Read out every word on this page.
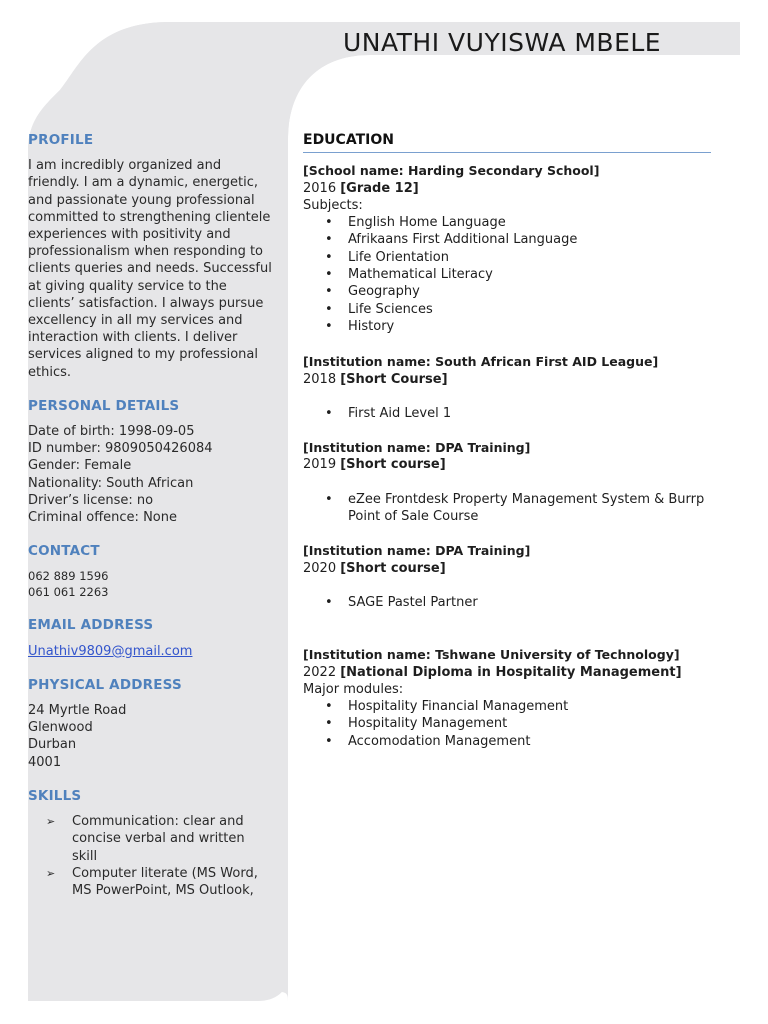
UNATHI VUYISWA MBELE
PROFILE

I am incredibly organized and friendly. I am a dynamic, energetic, and passionate young professional committed to strengthening clientele experiences with positivity and professionalism when responding to clients queries and needs. Successful at giving quality service to the clients’ satisfaction. I always pursue excellency in all my services and interaction with clients. I deliver services aligned to my professional ethics.

PERSONAL DETAILS

Date of birth: 1998-09-05

ID number: 9809050426084

Gender: Female

Nationality: South African

Driver’s license: no

Criminal offence: None

CONTACT

062 889 1596

061 061 2263

EMAIL ADDRESS
Unathiv9809@gmail.com
PHYSICAL ADDRESS

24 Myrtle Road

Glenwood

Durban

4001

SKILLS
➢ Communication: clear and concise verbal and written skill
➢ Computer literate (MS Word, MS PowerPoint, MS Outlook,
EDUCATION
[School name: Harding Secondary School]
2016 [Grade 12]
Subjects:
• English Home Language
• Afrikaans First Additional Language
• Life Orientation
• Mathematical Literacy
• Geography
• Life Sciences
• History
[Institution name: South African First AID League]
2018 [Short Course]
• First Aid Level 1
[Institution name: DPA Training]
2019 [Short course]
• eZee Frontdesk Property Management System & Burrp Point of Sale Course
[Institution name: DPA Training]
2020 [Short course]
• SAGE Pastel Partner
[Institution name: Tshwane University of Technology]
2022 [National Diploma in Hospitality Management]
Major modules:
• Hospitality Financial Management
• Hospitality Management
• Accomodation Management
